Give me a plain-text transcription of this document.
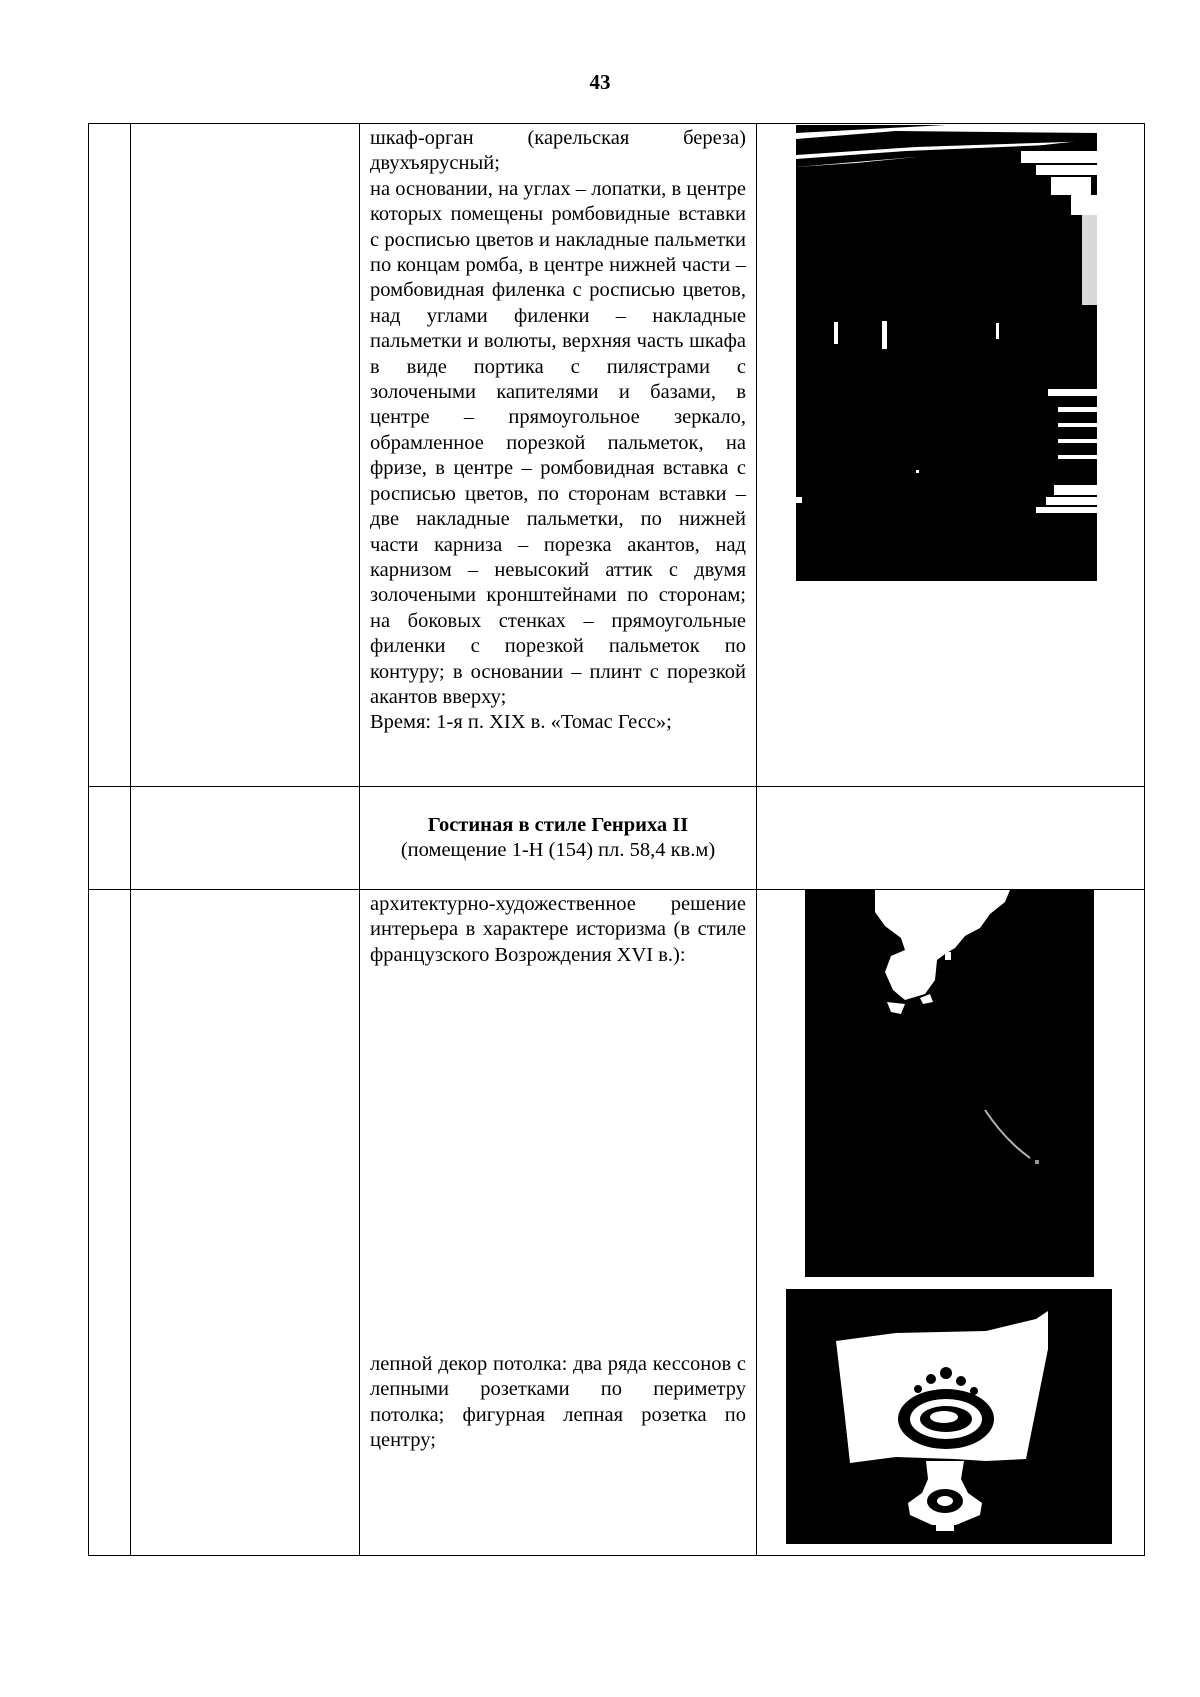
43

		шкаф-орган (карельская береза) двухъярусный;

на основании, на углах – лопатки, в центре которых помещены ромбовидные вставки с росписью цветов и накладные пальметки по концам ромба, в центре нижней части – ромбовидная филенка с росписью цветов, над углами филенки – накладные пальметки и волюты, верхняя часть шкафа в виде портика с пилястрами с золочеными капителями и базами, в центре – прямоугольное зеркало, обрамленное порезкой пальметок, на фризе, в центре – ромбовидная вставка с росписью цветов, по сторонам вставки – две накладные пальметки, по нижней части карниза – порезка акантов, над карнизом – невысокий аттик с двумя золочеными кронштейнами по сторонам; на боковых стенках – прямоугольные филенки с порезкой пальметок по контуру; в основании – плинт с порезкой акантов вверху;

Время: 1-я п. XIX в. «Томас Гесс»;

		Гостиная в стиле Генриха II
(помещение 1-Н (154) пл. 58,4 кв.м)	

		архитектурно-художественное решение интерьера в характере историзма (в стиле французского Возрождения XVI в.):

лепной декор потолка: два ряда кессонов с лепными розетками по периметру потолка; фигурная лепная розетка по центру;
